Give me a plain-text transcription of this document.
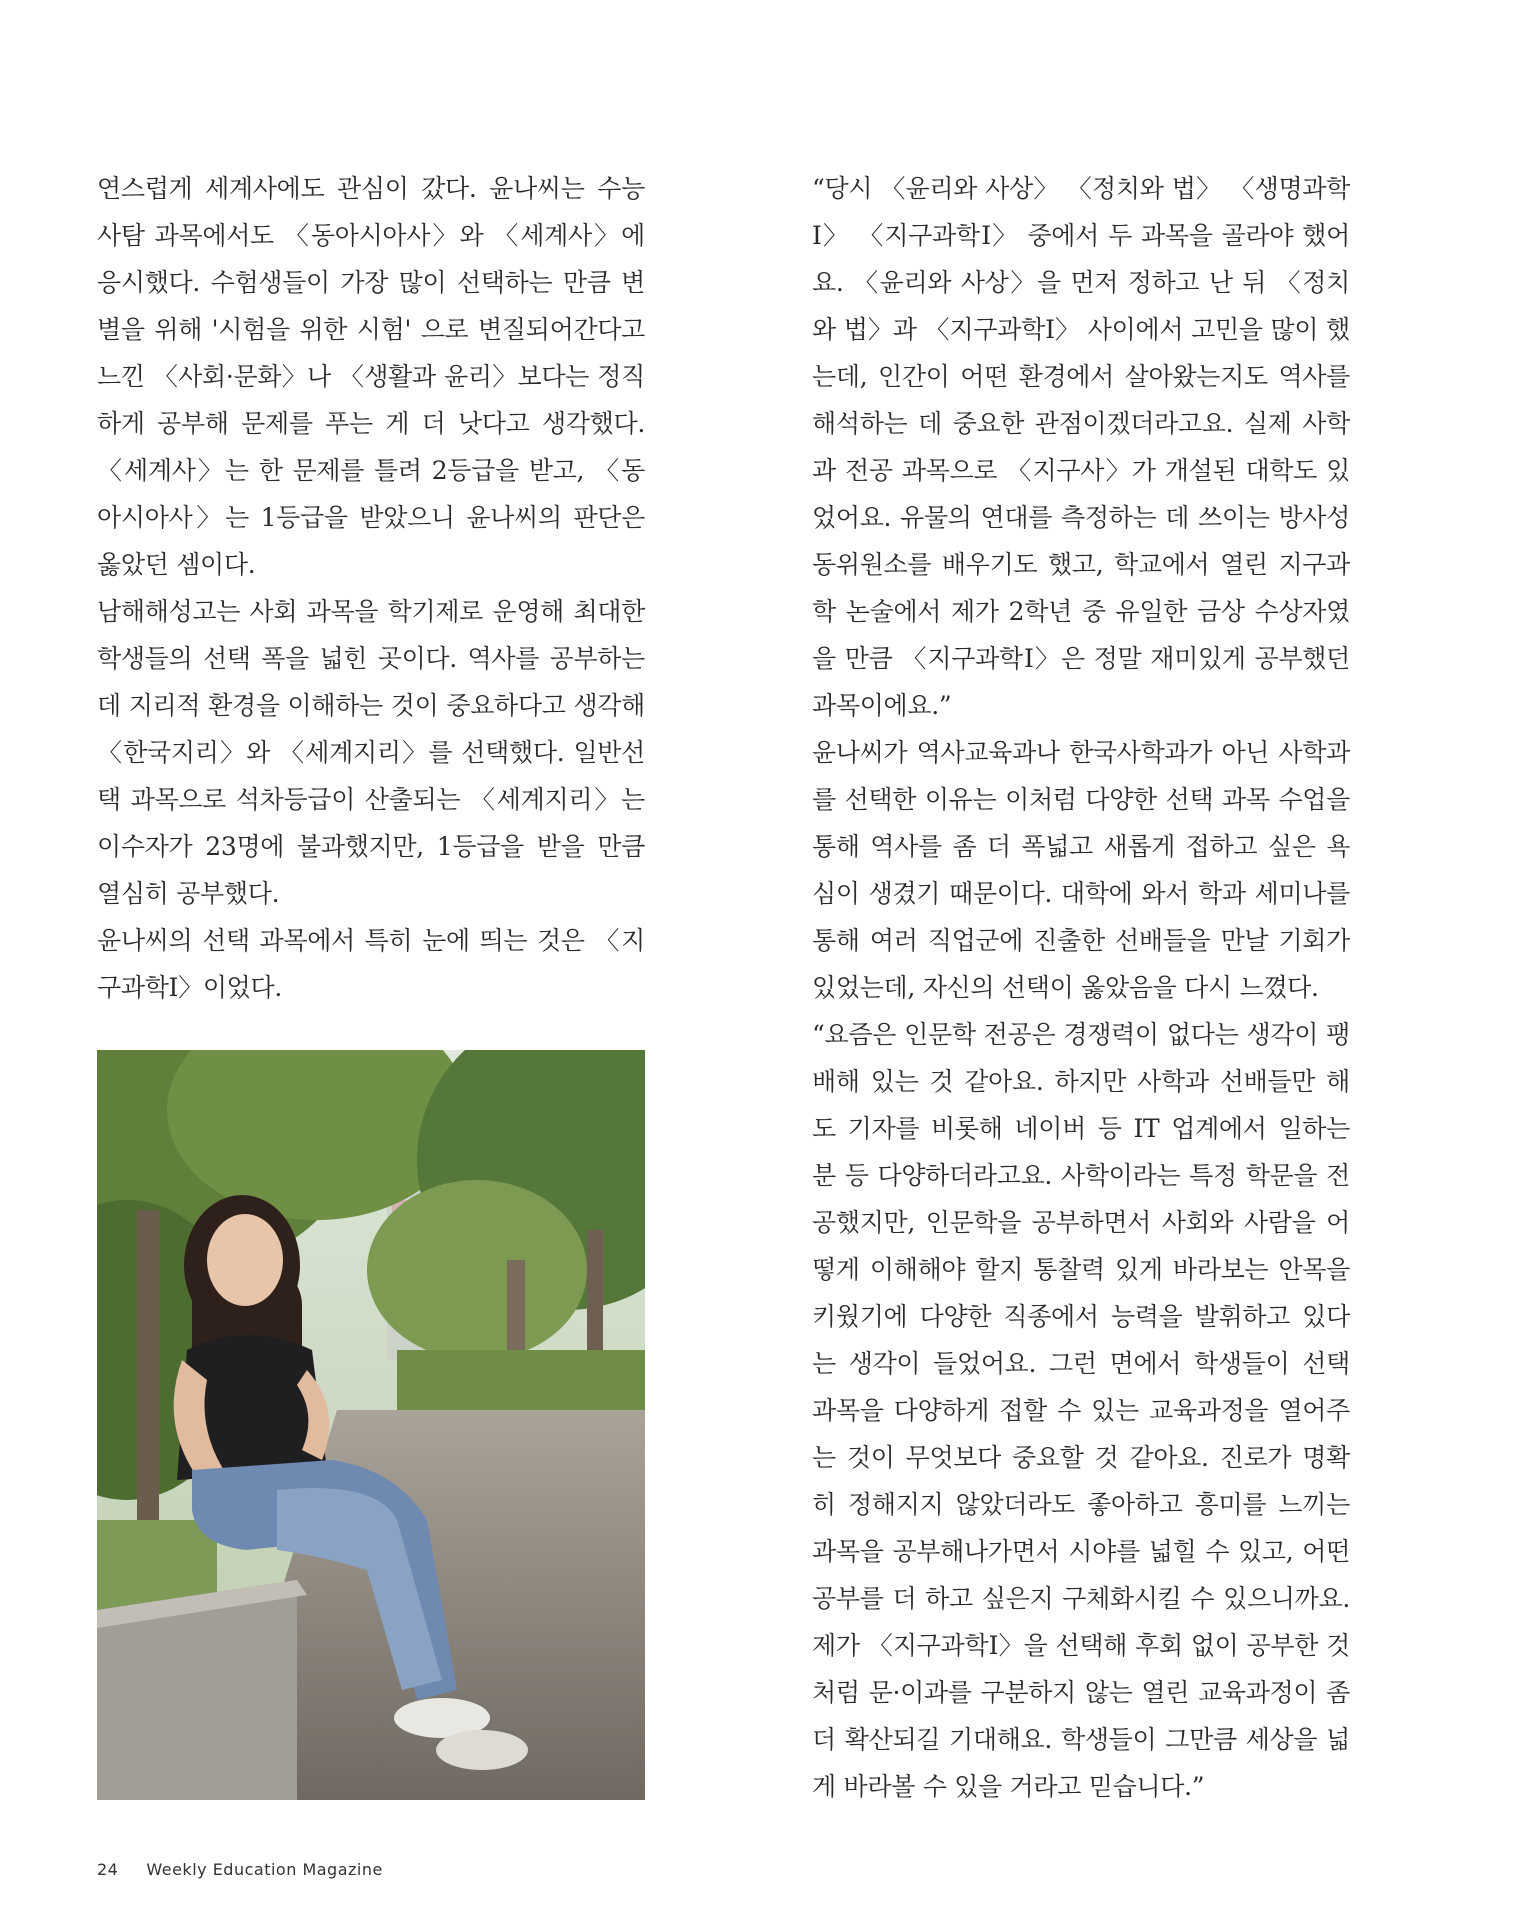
연스럽게 세계사에도 관심이 갔다. 윤나씨는 수능 사탐 과목에서도 〈동아시아사〉와 〈세계사〉에 응시했다. 수험생들이 가장 많이 선택하는 만큼 변별을 위해 '시험을 위한 시험' 으로 변질되어간다고 느낀 〈사회·문화〉나 〈생활과 윤리〉보다는 정직하게 공부해 문제를 푸는 게 더 낫다고 생각했다. 〈세계사〉는 한 문제를 틀려 2등급을 받고, 〈동아시아사〉는 1등급을 받았으니 윤나씨의 판단은 옳았던 셈이다.

남해해성고는 사회 과목을 학기제로 운영해 최대한 학생들의 선택 폭을 넓힌 곳이다. 역사를 공부하는 데 지리적 환경을 이해하는 것이 중요하다고 생각해 〈한국지리〉와 〈세계지리〉를 선택했다. 일반선택 과목으로 석차등급이 산출되는 〈세계지리〉는 이수자가 23명에 불과했지만, 1등급을 받을 만큼 열심히 공부했다.

윤나씨의 선택 과목에서 특히 눈에 띄는 것은 〈지구과학Ⅰ〉이었다.

“당시 〈윤리와 사상〉 〈정치와 법〉 〈생명과학Ⅰ〉 〈지구과학Ⅰ〉 중에서 두 과목을 골라야 했어요. 〈윤리와 사상〉을 먼저 정하고 난 뒤 〈정치와 법〉과 〈지구과학Ⅰ〉 사이에서 고민을 많이 했는데, 인간이 어떤 환경에서 살아왔는지도 역사를 해석하는 데 중요한 관점이겠더라고요. 실제 사학과 전공 과목으로 〈지구사〉가 개설된 대학도 있었어요. 유물의 연대를 측정하는 데 쓰이는 방사성 동위원소를 배우기도 했고, 학교에서 열린 지구과학 논술에서 제가 2학년 중 유일한 금상 수상자였을 만큼 〈지구과학Ⅰ〉은 정말 재미있게 공부했던 과목이에요.”

윤나씨가 역사교육과나 한국사학과가 아닌 사학과를 선택한 이유는 이처럼 다양한 선택 과목 수업을 통해 역사를 좀 더 폭넓고 새롭게 접하고 싶은 욕심이 생겼기 때문이다. 대학에 와서 학과 세미나를 통해 여러 직업군에 진출한 선배들을 만날 기회가 있었는데, 자신의 선택이 옳았음을 다시 느꼈다.

“요즘은 인문학 전공은 경쟁력이 없다는 생각이 팽배해 있는 것 같아요. 하지만 사학과 선배들만 해도 기자를 비롯해 네이버 등 IT 업계에서 일하는 분 등 다양하더라고요. 사학이라는 특정 학문을 전공했지만, 인문학을 공부하면서 사회와 사람을 어떻게 이해해야 할지 통찰력 있게 바라보는 안목을 키웠기에 다양한 직종에서 능력을 발휘하고 있다는 생각이 들었어요. 그런 면에서 학생들이 선택 과목을 다양하게 접할 수 있는 교육과정을 열어주는 것이 무엇보다 중요할 것 같아요. 진로가 명확히 정해지지 않았더라도 좋아하고 흥미를 느끼는 과목을 공부해나가면서 시야를 넓힐 수 있고, 어떤 공부를 더 하고 싶은지 구체화시킬 수 있으니까요. 제가 〈지구과학Ⅰ〉을 선택해 후회 없이 공부한 것처럼 문·이과를 구분하지 않는 열린 교육과정이 좀 더 확산되길 기대해요. 학생들이 그만큼 세상을 넓게 바라볼 수 있을 거라고 믿습니다.”

24 Weekly Education Magazine
